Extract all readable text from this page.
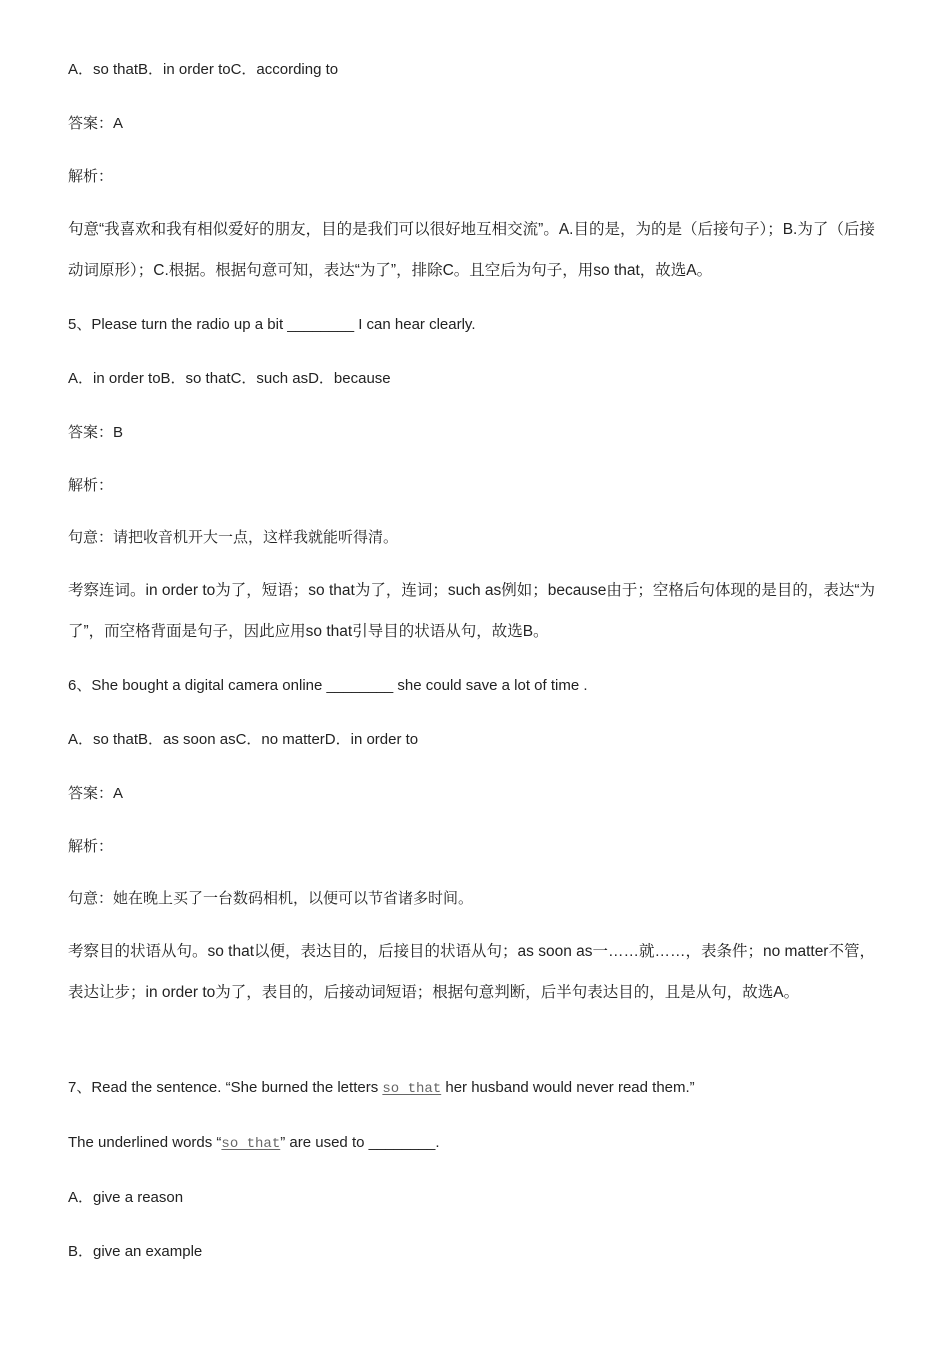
A．so thatB．in order toC．according to
答案：A
解析：
句意“我喜欢和我有相似爱好的朋友，目的是我们可以很好地互相交流”。A.目的是，为的是（后接句子）；B.为了（后接动词原形）；C.根据。根据句意可知，表达“为了”，排除C。且空后为句子，用so that，故选A。
5、Please turn the radio up a bit ________ I can hear clearly.
A．in order toB．so thatC．such asD．because
答案：B
解析：
句意：请把收音机开大一点，这样我就能听得清。
考察连词。in order to为了，短语；so that为了，连词；such as例如；because由于；空格后句体现的是目的，表达“为了”，而空格背面是句子，因此应用so that引导目的状语从句，故选B。
6、She bought a digital camera online ________ she could save a lot of time .
A．so thatB．as soon asC．no matterD．in order to
答案：A
解析：
句意：她在晚上买了一台数码相机，以便可以节省诸多时间。
考察目的状语从句。so that以便，表达目的，后接目的状语从句；as soon as一……就……，表条件；no matter不管，表达让步；in order to为了，表目的，后接动词短语；根据句意判断，后半句表达目的，且是从句，故选A。
7、Read the sentence. “She burned the letters so that her husband would never read them.”
The underlined words “so that” are used to ________.
A．give a reason
B．give an example
